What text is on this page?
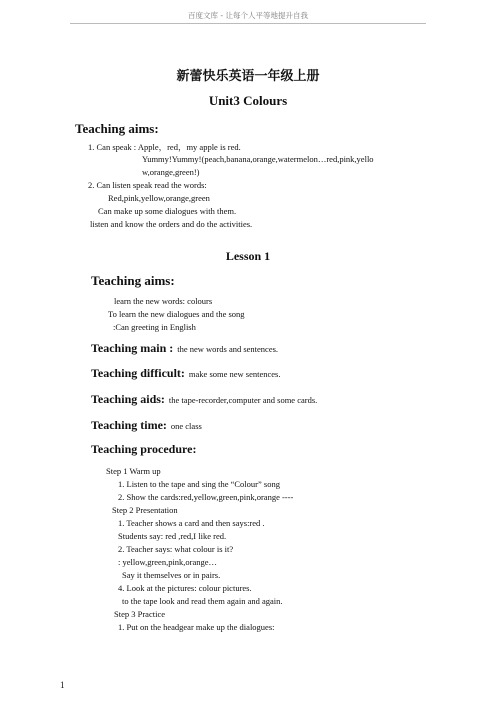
百度文库 - 让每个人平等地提升自我
新蕾快乐英语一年级上册
Unit3 Colours
Teaching aims:
1. Can speak : Apple，red，my apple is red.
Yummy!Yummy!(peach,banana,orange,watermelon…red,pink,yello
w,orange,green!)
2. Can listen speak read the words:
Red,pink,yellow,orange,green
Can make up some dialogues with them.
listen and know the orders and do the activities.
Lesson 1
Teaching aims:
learn the new words: colours
To learn the new dialogues and the song
:Can greeting in English
Teaching main : the new words and sentences.
Teaching difficult: make some new sentences.
Teaching aids: the tape-recorder,computer and some cards.
Teaching time: one class
Teaching procedure:
Step 1 Warm up
1. Listen to the tape and sing the “Colour” song
2. Show the cards:red,yellow,green,pink,orange ----
Step 2 Presentation
1. Teacher shows a card and then says:red .
Students say: red ,red,I like red.
2. Teacher says: what colour is it?
: yellow,green,pink,orange…
Say it themselves or in pairs.
4. Look at the pictures: colour pictures.
to the tape look and read them again and again.
Step 3 Practice
1. Put on the headgear make up the dialogues:
1
